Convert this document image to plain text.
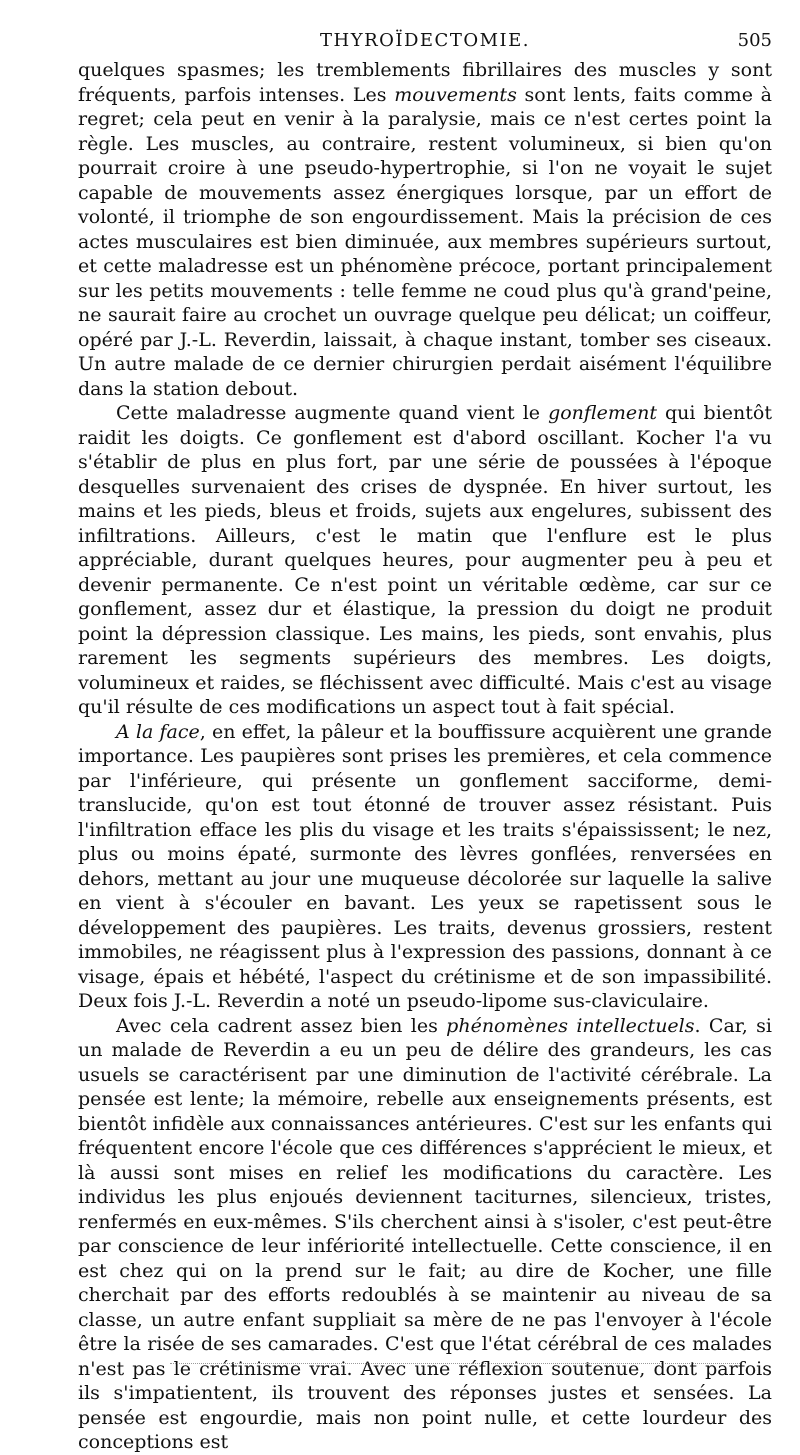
THYROÏDECTOMIE.	505

quelques spasmes; les tremblements fibrillaires des muscles y sont fréquents, parfois intenses. Les mouvements sont lents, faits comme à regret; cela peut en venir à la paralysie, mais ce n'est certes point la règle. Les muscles, au contraire, restent volumineux, si bien qu'on pourrait croire à une pseudo-hypertrophie, si l'on ne voyait le sujet capable de mouvements assez énergiques lorsque, par un effort de volonté, il triomphe de son engourdissement. Mais la précision de ces actes musculaires est bien diminuée, aux membres supérieurs surtout, et cette maladresse est un phénomène précoce, portant principalement sur les petits mouvements : telle femme ne coud plus qu'à grand'peine, ne saurait faire au crochet un ouvrage quelque peu délicat; un coiffeur, opéré par J.-L. Reverdin, laissait, à chaque instant, tomber ses ciseaux. Un autre malade de ce dernier chirurgien perdait aisément l'équilibre dans la station debout.

Cette maladresse augmente quand vient le gonflement qui bientôt raidit les doigts. Ce gonflement est d'abord oscillant. Kocher l'a vu s'établir de plus en plus fort, par une série de poussées à l'époque desquelles survenaient des crises de dyspnée. En hiver surtout, les mains et les pieds, bleus et froids, sujets aux engelures, subissent des infiltrations. Ailleurs, c'est le matin que l'enflure est le plus appréciable, durant quelques heures, pour augmenter peu à peu et devenir permanente. Ce n'est point un véritable œdème, car sur ce gonflement, assez dur et élastique, la pression du doigt ne produit point la dépression classique. Les mains, les pieds, sont envahis, plus rarement les segments supérieurs des membres. Les doigts, volumineux et raides, se fléchissent avec difficulté. Mais c'est au visage qu'il résulte de ces modifications un aspect tout à fait spécial.

A la face, en effet, la pâleur et la bouffissure acquièrent une grande importance. Les paupières sont prises les premières, et cela commence par l'inférieure, qui présente un gonflement sacciforme, demi-translucide, qu'on est tout étonné de trouver assez résistant. Puis l'infiltration efface les plis du visage et les traits s'épaississent; le nez, plus ou moins épaté, surmonte des lèvres gonflées, renversées en dehors, mettant au jour une muqueuse décolorée sur laquelle la salive en vient à s'écouler en bavant. Les yeux se rapetissent sous le développement des paupières. Les traits, devenus grossiers, restent immobiles, ne réagissent plus à l'expression des passions, donnant à ce visage, épais et hébété, l'aspect du crétinisme et de son impassibilité. Deux fois J.-L. Reverdin a noté un pseudo-lipome sus-claviculaire.

Avec cela cadrent assez bien les phénomènes intellectuels. Car, si un malade de Reverdin a eu un peu de délire des grandeurs, les cas usuels se caractérisent par une diminution de l'activité cérébrale. La pensée est lente; la mémoire, rebelle aux enseignements présents, est bientôt infidèle aux connaissances antérieures. C'est sur les enfants qui fréquentent encore l'école que ces différences s'apprécient le mieux, et là aussi sont mises en relief les modifications du caractère. Les individus les plus enjoués deviennent taciturnes, silencieux, tristes, renfermés en eux-mêmes. S'ils cherchent ainsi à s'isoler, c'est peut-être par conscience de leur infériorité intellectuelle. Cette conscience, il en est chez qui on la prend sur le fait; au dire de Kocher, une fille cherchait par des efforts redoublés à se maintenir au niveau de sa classe, un autre enfant suppliait sa mère de ne pas l'envoyer à l'école être la risée de ses camarades. C'est que l'état cérébral de ces malades n'est pas le crétinisme vrai. Avec une réflexion soutenue, dont parfois ils s'impatientent, ils trouvent des réponses justes et sensées. La pensée est engourdie, mais non point nulle, et cette lourdeur des conceptions est
